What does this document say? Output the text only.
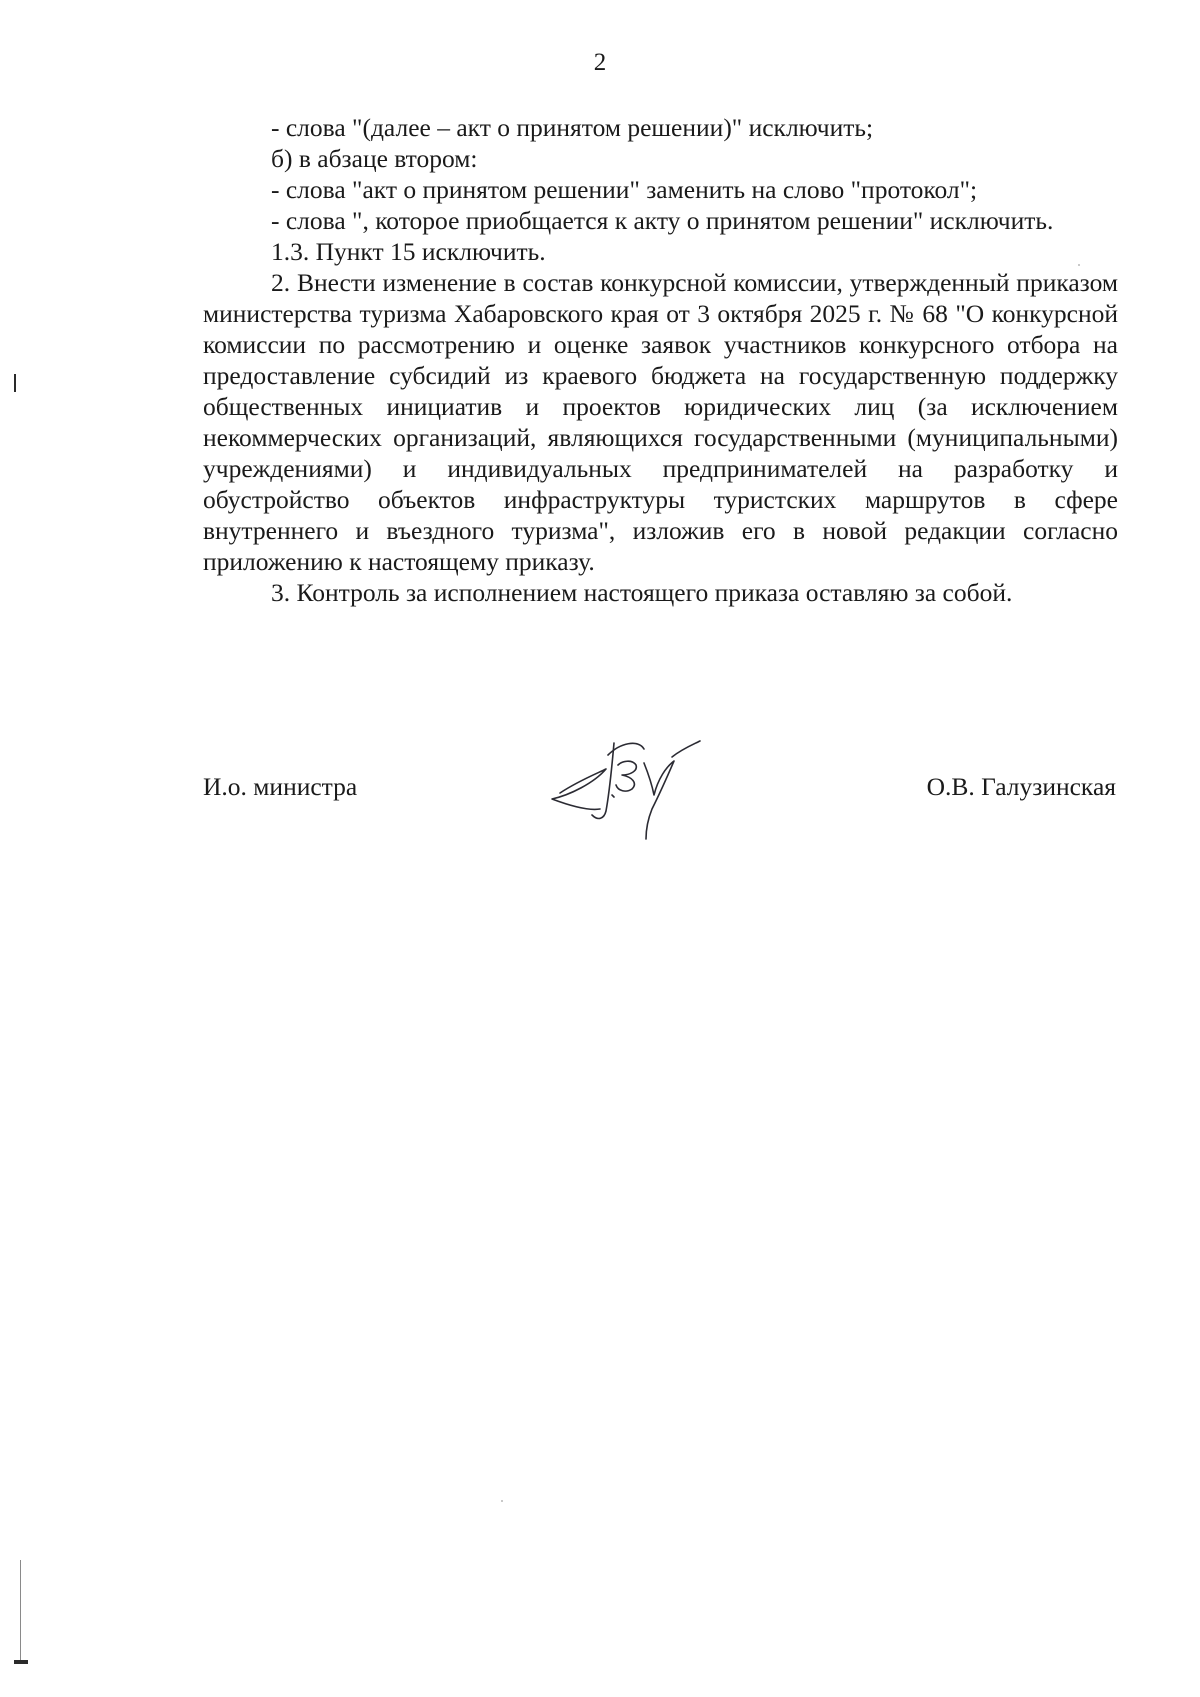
2

- слова "(далее – акт о принятом решении)" исключить;

б) в абзаце втором:

- слова "акт о принятом решении" заменить на слово "протокол";

- слова ", которое приобщается к акту о принятом решении" исключить.

1.3. Пункт 15 исключить.

2. Внести изменение в состав конкурсной комиссии, утвержденный приказом министерства туризма Хабаровского края от 3 октября 2025 г. № 68 "О конкурсной комиссии по рассмотрению и оценке заявок участников конкурсного отбора на предоставление субсидий из краевого бюджета на государственную поддержку общественных инициатив и проектов юридических лиц (за исключением некоммерческих организаций, являющихся государственными (муниципальными) учреждениями) и индивидуальных предпринимателей на разработку и обустройство объектов инфраструктуры туристских маршрутов в сфере внутреннего и въездного туризма", изложив его в новой редакции согласно приложению к настоящему приказу.

3. Контроль за исполнением настоящего приказа оставляю за собой.

И.о. министра	О.В. Галузинская
